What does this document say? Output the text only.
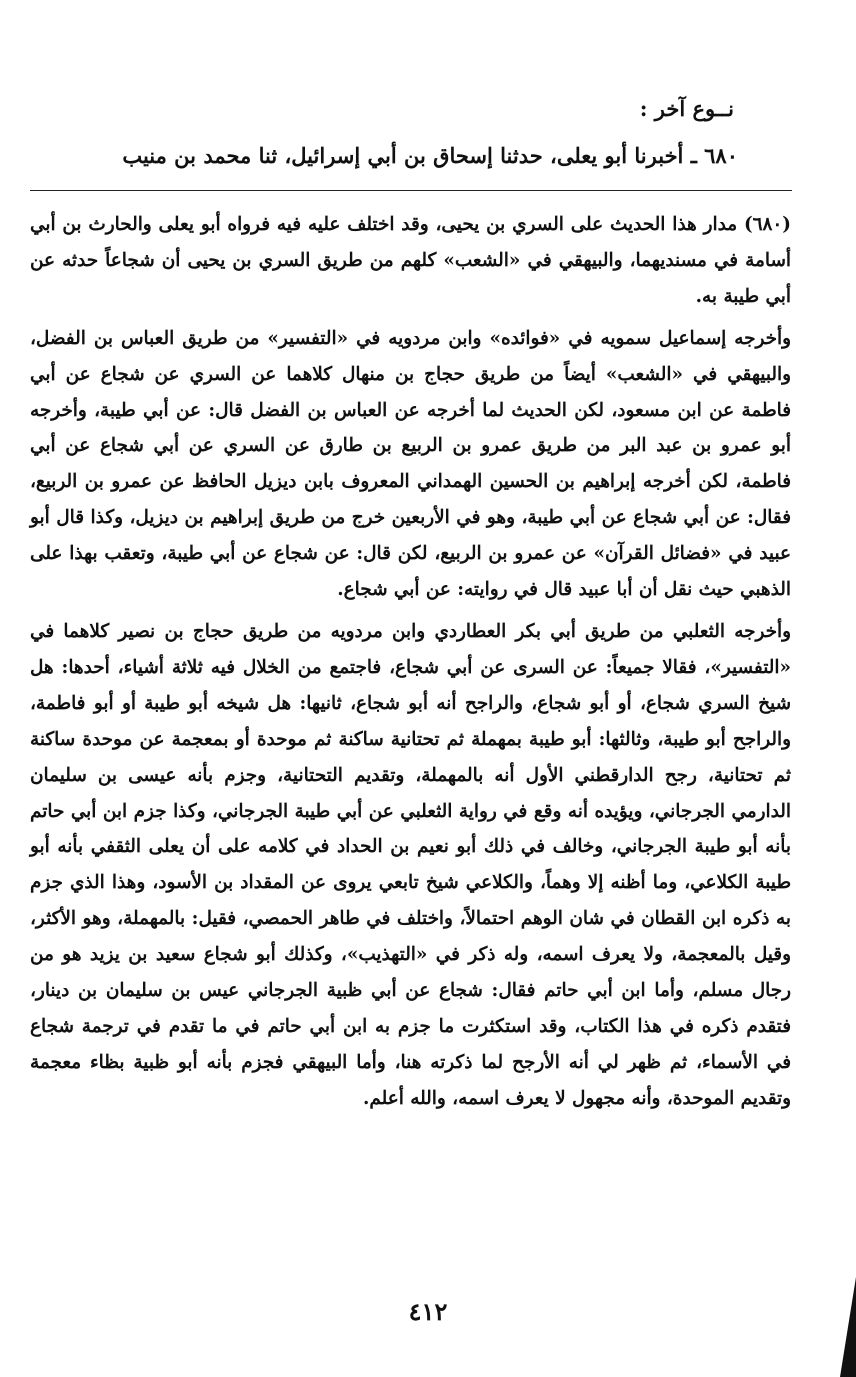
نــوع آخر :
٦٨٠ ـ أخبرنا أبو يعلى، حدثنا إسحاق بن أبي إسرائيل، ثنا محمد بن منيب

(٦٨٠) مدار هذا الحديث على السري بن يحيى، وقد اختلف عليه فيه فرواه أبو يعلى والحارث بن أبي أسامة في مسنديهما، والبيهقي في «الشعب» كلهم من طريق السري بن يحيى أن شجاعاً حدثه عن أبي طيبة به.

وأخرجه إسماعيل سمويه في «فوائده» وابن مردويه في «التفسير» من طريق العباس بن الفضل، والبيهقي في «الشعب» أيضاً من طريق حجاج بن منهال كلاهما عن السري عن شجاع عن أبي فاطمة عن ابن مسعود، لكن الحديث لما أخرجه عن العباس بن الفضل قال: عن أبي طيبة، وأخرجه أبو عمرو بن عبد البر من طريق عمرو بن الربيع بن طارق عن السري عن أبي شجاع عن أبي فاطمة، لكن أخرجه إبراهيم بن الحسين الهمداني المعروف بابن ديزيل الحافظ عن عمرو بن الربيع، فقال: عن أبي شجاع عن أبي طيبة، وهو في الأربعين خرج من طريق إبراهيم بن ديزيل، وكذا قال أبو عبيد في «فضائل القرآن» عن عمرو بن الربيع، لكن قال: عن شجاع عن أبي طيبة، وتعقب بهذا على الذهبي حيث نقل أن أبا عبيد قال في روايته: عن أبي شجاع.

وأخرجه الثعلبي من طريق أبي بكر العطاردي وابن مردويه من طريق حجاج بن نصير كلاهما في «التفسير»، فقالا جميعاً: عن السرى عن أبي شجاع، فاجتمع من الخلال فيه ثلاثة أشياء، أحدها: هل شيخ السري شجاع، أو أبو شجاع، والراجح أنه أبو شجاع، ثانيها: هل شيخه أبو طيبة أو أبو فاطمة، والراجح أبو طيبة، وثالثها: أبو طيبة بمهملة ثم تحتانية ساكنة ثم موحدة أو بمعجمة عن موحدة ساكنة ثم تحتانية، رجح الدارقطني الأول أنه بالمهملة، وتقديم التحتانية، وجزم بأنه عيسى بن سليمان الدارمي الجرجاني، ويؤيده أنه وقع في رواية الثعلبي عن أبي طيبة الجرجاني، وكذا جزم ابن أبي حاتم بأنه أبو طيبة الجرجاني، وخالف في ذلك أبو نعيم بن الحداد في كلامه على أن يعلى الثقفي بأنه أبو طيبة الكلاعي، وما أظنه إلا وهماً، والكلاعي شيخ تابعي يروى عن المقداد بن الأسود، وهذا الذي جزم به ذكره ابن القطان في شان الوهم احتمالاً، واختلف في طاهر الحمصي، فقيل: بالمهملة، وهو الأكثر، وقيل بالمعجمة، ولا يعرف اسمه، وله ذكر في «التهذيب»، وكذلك أبو شجاع سعيد بن يزيد هو من رجال مسلم، وأما ابن أبي حاتم فقال: شجاع عن أبي ظبية الجرجاني عيس بن سليمان بن دينار، فتقدم ذكره في هذا الكتاب، وقد استكثرت ما جزم به ابن أبي حاتم في ما تقدم في ترجمة شجاع في الأسماء، ثم ظهر لي أنه الأرجح لما ذكرته هنا، وأما البيهقي فجزم بأنه أبو ظبية بظاء معجمة وتقديم الموحدة، وأنه مجهول لا يعرف اسمه، والله أعلم.

٤١٢
